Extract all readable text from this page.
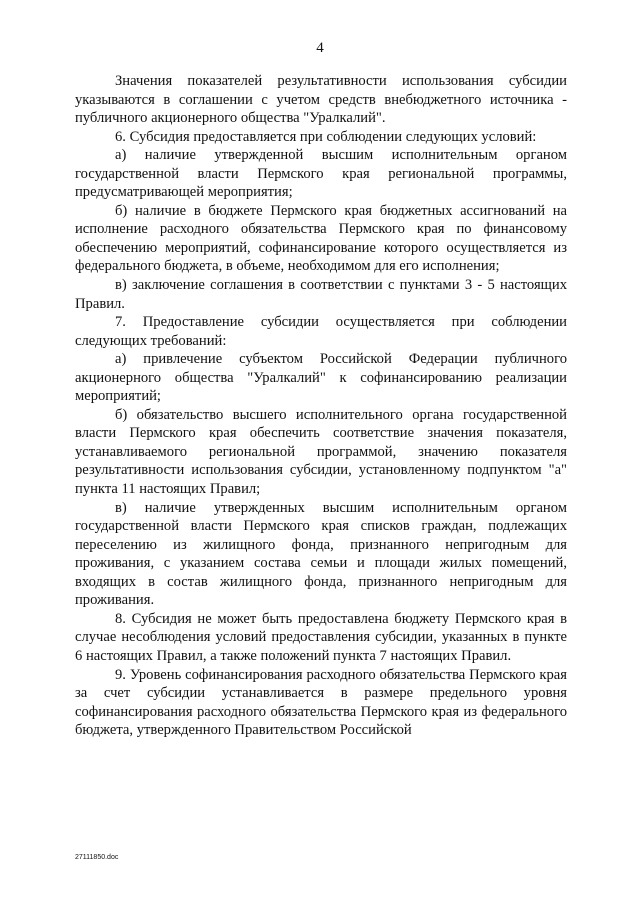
4

Значения показателей результативности использования субсидии указываются в соглашении с учетом средств внебюджетного источника - публичного акционерного общества "Уралкалий".

6. Субсидия предоставляется при соблюдении следующих условий:

а) наличие утвержденной высшим исполнительным органом государственной власти Пермского края региональной программы, предусматривающей мероприятия;

б) наличие в бюджете Пермского края бюджетных ассигнований на исполнение расходного обязательства Пермского края по финансовому обеспечению мероприятий, софинансирование которого осуществляется из федерального бюджета, в объеме, необходимом для его исполнения;

в) заключение соглашения в соответствии с пунктами 3 - 5 настоящих Правил.

7. Предоставление субсидии осуществляется при соблюдении следующих требований:

а) привлечение субъектом Российской Федерации публичного акционерного общества "Уралкалий" к софинансированию реализации мероприятий;

б) обязательство высшего исполнительного органа государственной власти Пермского края обеспечить соответствие значения показателя, устанавливаемого региональной программой, значению показателя результативности использования субсидии, установленному подпунктом "а" пункта 11 настоящих Правил;

в) наличие утвержденных высшим исполнительным органом государственной власти Пермского края списков граждан, подлежащих переселению из жилищного фонда, признанного непригодным для проживания, с указанием состава семьи и площади жилых помещений, входящих в состав жилищного фонда, признанного непригодным для проживания.

8. Субсидия не может быть предоставлена бюджету Пермского края в случае несоблюдения условий предоставления субсидии, указанных в пункте 6 настоящих Правил, а также положений пункта 7 настоящих Правил.

9. Уровень софинансирования расходного обязательства Пермского края за счет субсидии устанавливается в размере предельного уровня софинансирования расходного обязательства Пермского края из федерального бюджета, утвержденного Правительством Российской

27111850.doc
